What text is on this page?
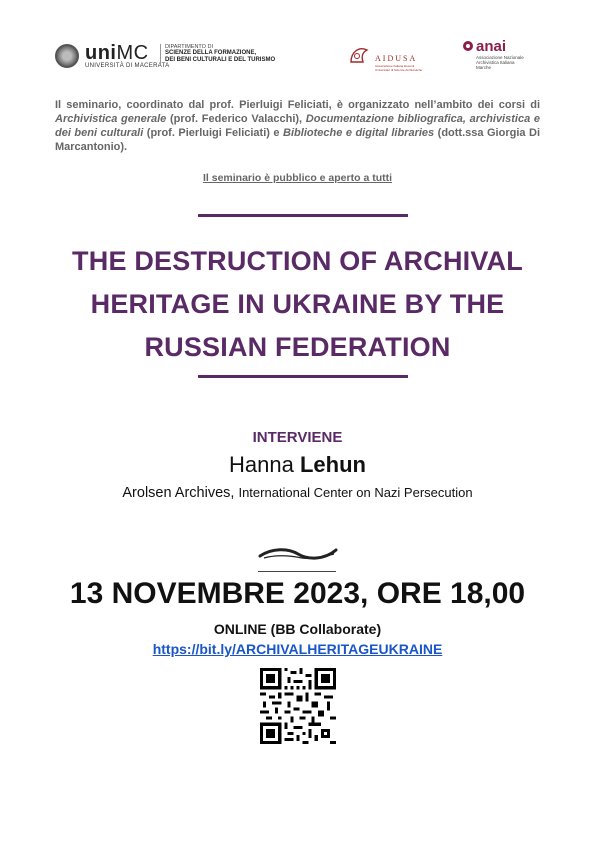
uniMC
UNIVERSITÀ DI MACERATA
DIPARTIMENTO DI
SCIENZE DELLA FORMAZIONE,
DEI BENI CULTURALI E DEL TURISMO	AIDUSA
Associazione Italiana Docenti Universitari di Scienze Archivistiche
anai
Associazione Nazionale
Archivistica Italiana
Marche
Il seminario, coordinato dal prof. Pierluigi Feliciati, è organizzato nell’ambito dei corsi di Archivistica generale (prof. Federico Valacchi), Documentazione bibliografica, archivistica e dei beni culturali (prof. Pierluigi Feliciati) e Biblioteche e digital libraries (dott.ssa Giorgia Di Marcantonio).
Il seminario è pubblico e aperto a tutti
THE DESTRUCTION OF ARCHIVAL
HERITAGE IN UKRAINE BY THE
RUSSIAN FEDERATION
INTERVIENE
Hanna Lehun
Arolsen Archives, International Center on Nazi Persecution
13 NOVEMBRE 2023, ORE 18,00
ONLINE (BB Collaborate)
https://bit.ly/ARCHIVALHERITAGEUKRAINE
